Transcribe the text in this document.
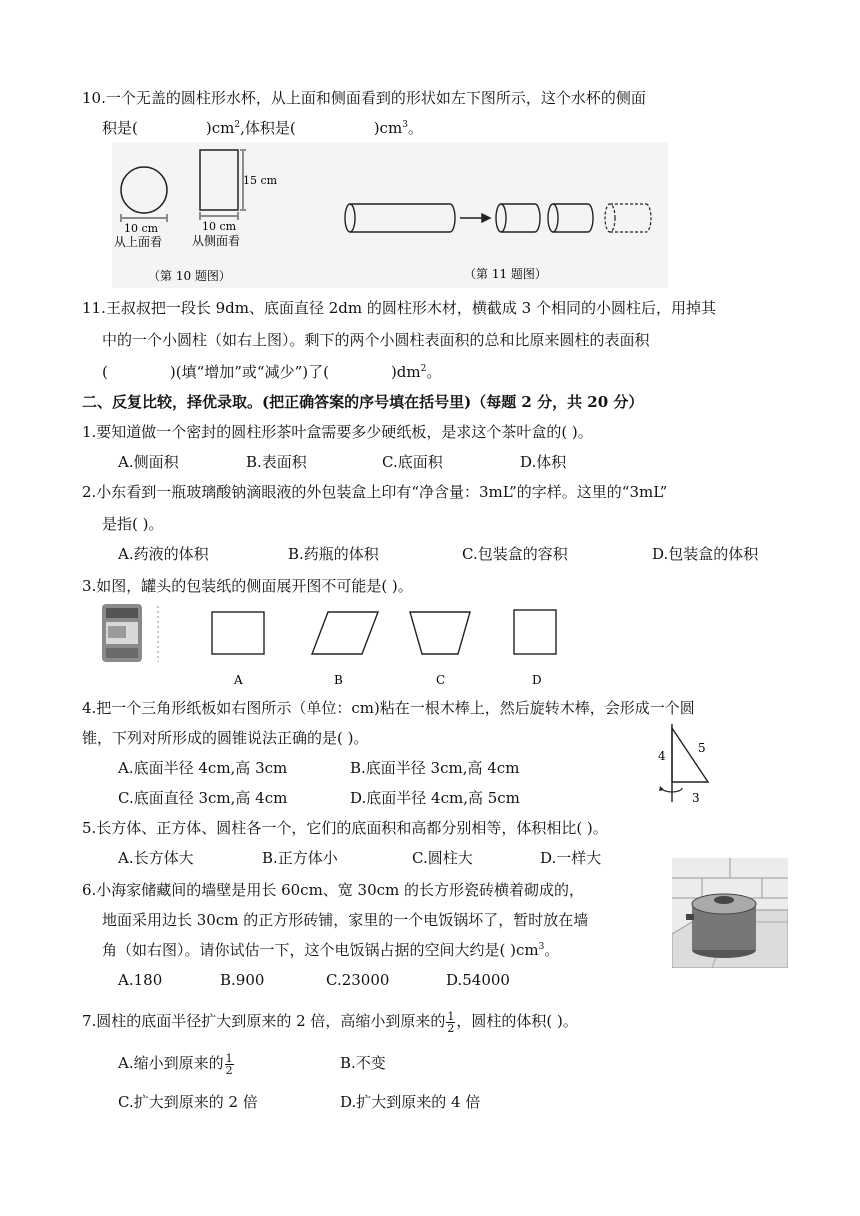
10.一个无盖的圆柱形水杯，从上面和侧面看到的形状如左下图所示，这个水杯的侧面
积是(	)$cm^2$,体积是(	)$cm^3$。
10 cm
从上面看
15 cm
10 cm
从侧面看
（第 10 题图）	（第 11 题图）
11.王叔叔把一段长 9dm、底面直径 2dm 的圆柱形木材，横截成 3 个相同的小圆柱后，用掉其
中的一个小圆柱（如右上图）。剩下的两个小圆柱表面积的总和比原来圆柱的表面积
(	)(填“增加”或“减少”)了(	)$dm^2$。
二、反复比较，择优录取。(把正确答案的序号填在括号里)（每题 2 分，共 20 分）
1.要知道做一个密封的圆柱形茶叶盒需要多少硬纸板，是求这个茶叶盒的( )。
A.侧面积	B.表面积	C.底面积	D.体积
2.小东看到一瓶玻璃酸钠滴眼液的外包装盒上印有“净含量：3mL”的字样。这里的“3mL”
是指( )。
A.药液的体积	B.药瓶的体积	C.包装盒的容积	D.包装盒的体积
3.如图，罐头的包装纸的侧面展开图不可能是( )。
A	B	C	D
4.把一个三角形纸板如右图所示（单位：cm)粘在一根木棒上，然后旋转木棒，会形成一个圆
锥，下列对所形成的圆锥说法正确的是( )。
A.底面半径 4cm,高 3cm	B.底面半径 3cm,高 4cm
C.底面直径 3cm,高 4cm	D.底面半径 4cm,高 5cm
4
5
3
5.长方体、正方体、圆柱各一个，它们的底面积和高都分别相等，体积相比( )。
A.长方体大	B.正方体小	C.圆柱大	D.一样大
6.小海家储藏间的墙壁是用长 60cm、宽 30cm 的长方形瓷砖横着砌成的，
地面采用边长 30cm 的正方形砖铺，家里的一个电饭锅坏了，暂时放在墙
角（如右图）。请你试估一下，这个电饭锅占据的空间大约是( )$cm^3$。
A.180	B.900	C.23000	D.54000
7.圆柱的底面半径扩大到原来的 2 倍，高缩小到原来的 $\frac{1}{2}$ ，圆柱的体积( )。
A.缩小到原来的 $\frac{1}{2}$	B.不变
C.扩大到原来的 2 倍	D.扩大到原来的 4 倍
